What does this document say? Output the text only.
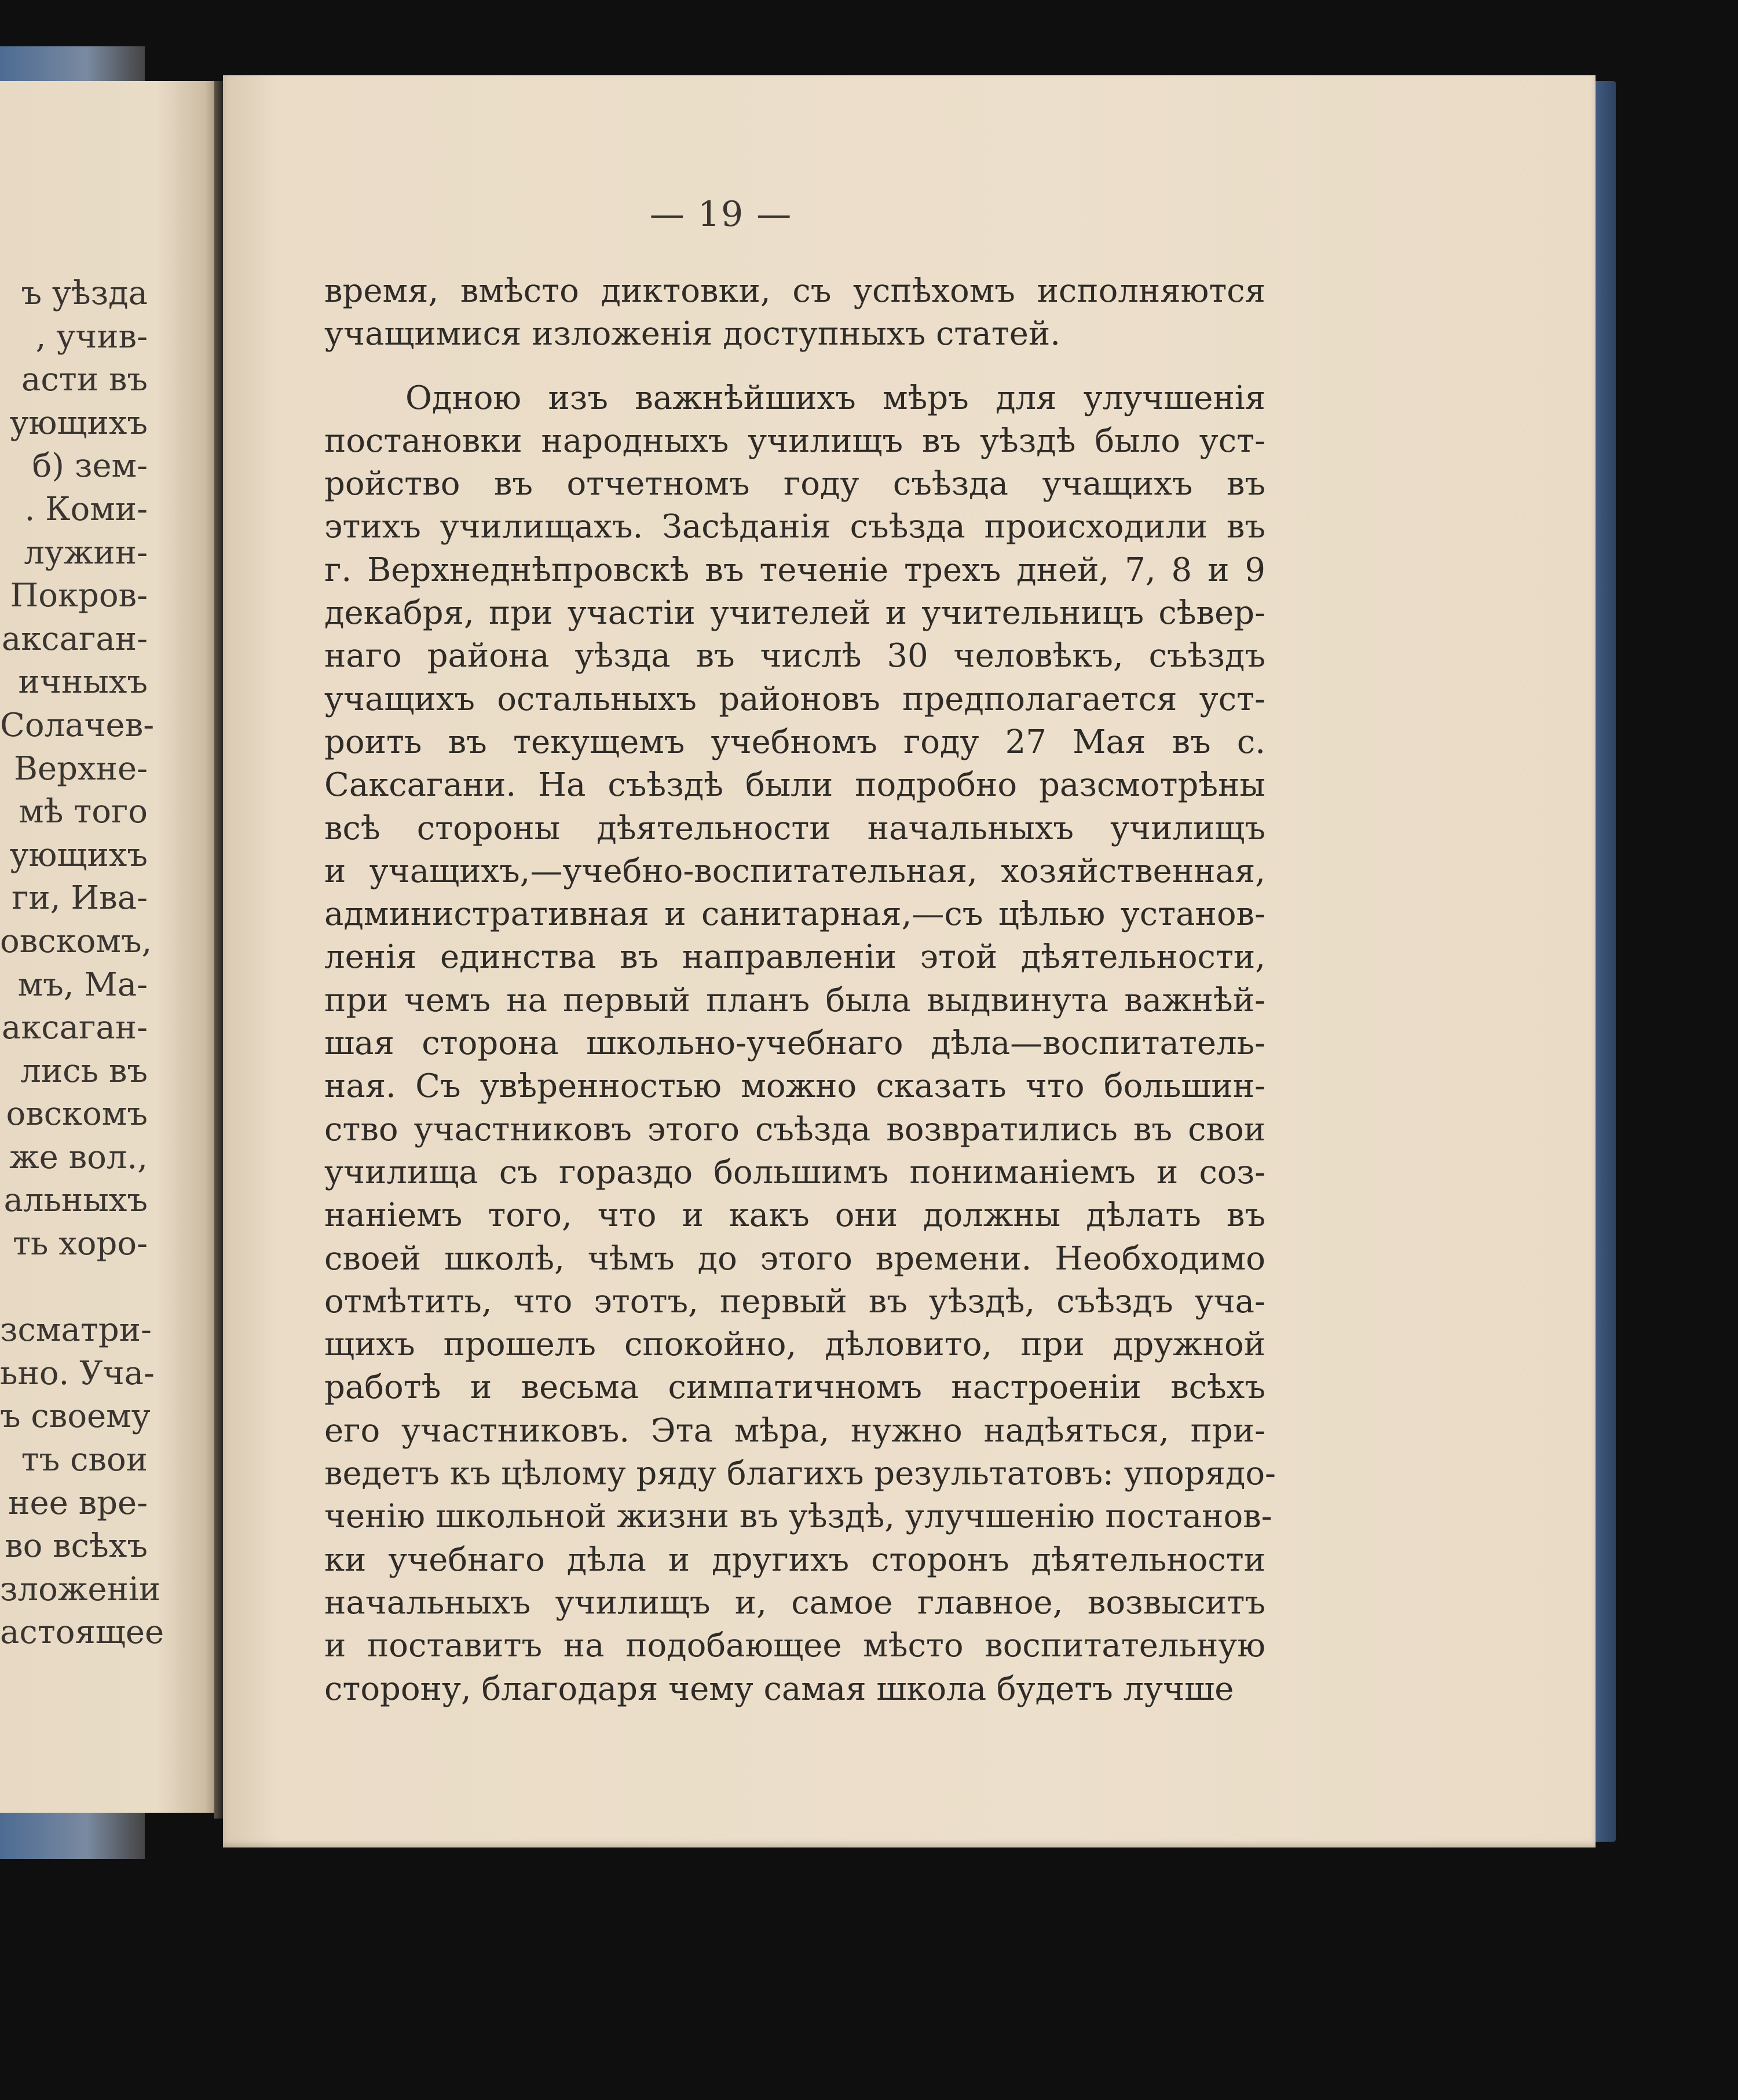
ъ уѣзда
, учив-
асти въ
ующихъ
б) зем-
. Коми-
лужин-
Покров-
аксаган-
ичныхъ
Солачев-
Верхне-
мѣ того
ующихъ
ги, Ива-
овскомъ,
мъ, Ма-
аксаган-
лись въ
овскомъ
же вол.,
альныхъ
ть хоро-

зсматри-
ьно. Уча-
ъ своему
тъ свои
нее вре-
во всѣхъ
зложеніи
астоящее
— 19 —
время, вмѣсто диктовки, съ успѣхомъ исполняются
учащимися изложенія доступныхъ статей.
Одною изъ важнѣйшихъ мѣръ для улучшенія
постановки народныхъ училищъ въ уѣздѣ было уст-
ройство въ отчетномъ году съѣзда учащихъ въ
этихъ училищахъ. Засѣданія съѣзда происходили въ
г. Верхнеднѣпровскѣ въ теченіе трехъ дней, 7, 8 и 9
декабря, при участіи учителей и учительницъ сѣвер-
наго района уѣзда въ числѣ 30 человѣкъ, съѣздъ
учащихъ остальныхъ районовъ предполагается уст-
роить въ текущемъ учебномъ году 27 Мая въ с.
Саксагани. На съѣздѣ были подробно разсмотрѣны
всѣ стороны дѣятельности начальныхъ училищъ
и учащихъ,—учебно-воспитательная, хозяйственная,
административная и санитарная,—съ цѣлью установ-
ленія единства въ направленіи этой дѣятельности,
при чемъ на первый планъ была выдвинута важнѣй-
шая сторона школьно-учебнаго дѣла—воспитатель-
ная. Съ увѣренностью можно сказать что большин-
ство участниковъ этого съѣзда возвратились въ свои
училища съ гораздо большимъ пониманіемъ и соз-
наніемъ того, что и какъ они должны дѣлать въ
своей школѣ, чѣмъ до этого времени. Необходимо
отмѣтить, что этотъ, первый въ уѣздѣ, съѣздъ уча-
щихъ прошелъ спокойно, дѣловито, при дружной
работѣ и весьма симпатичномъ настроеніи всѣхъ
его участниковъ. Эта мѣра, нужно надѣяться, при-
ведетъ къ цѣлому ряду благихъ результатовъ: упорядо-
ченію школьной жизни въ уѣздѣ, улучшенію постанов-
ки учебнаго дѣла и другихъ сторонъ дѣятельности
начальныхъ училищъ и, самое главное, возвыситъ
и поставитъ на подобающее мѣсто воспитательную
сторону, благодаря чему самая школа будетъ лучше
